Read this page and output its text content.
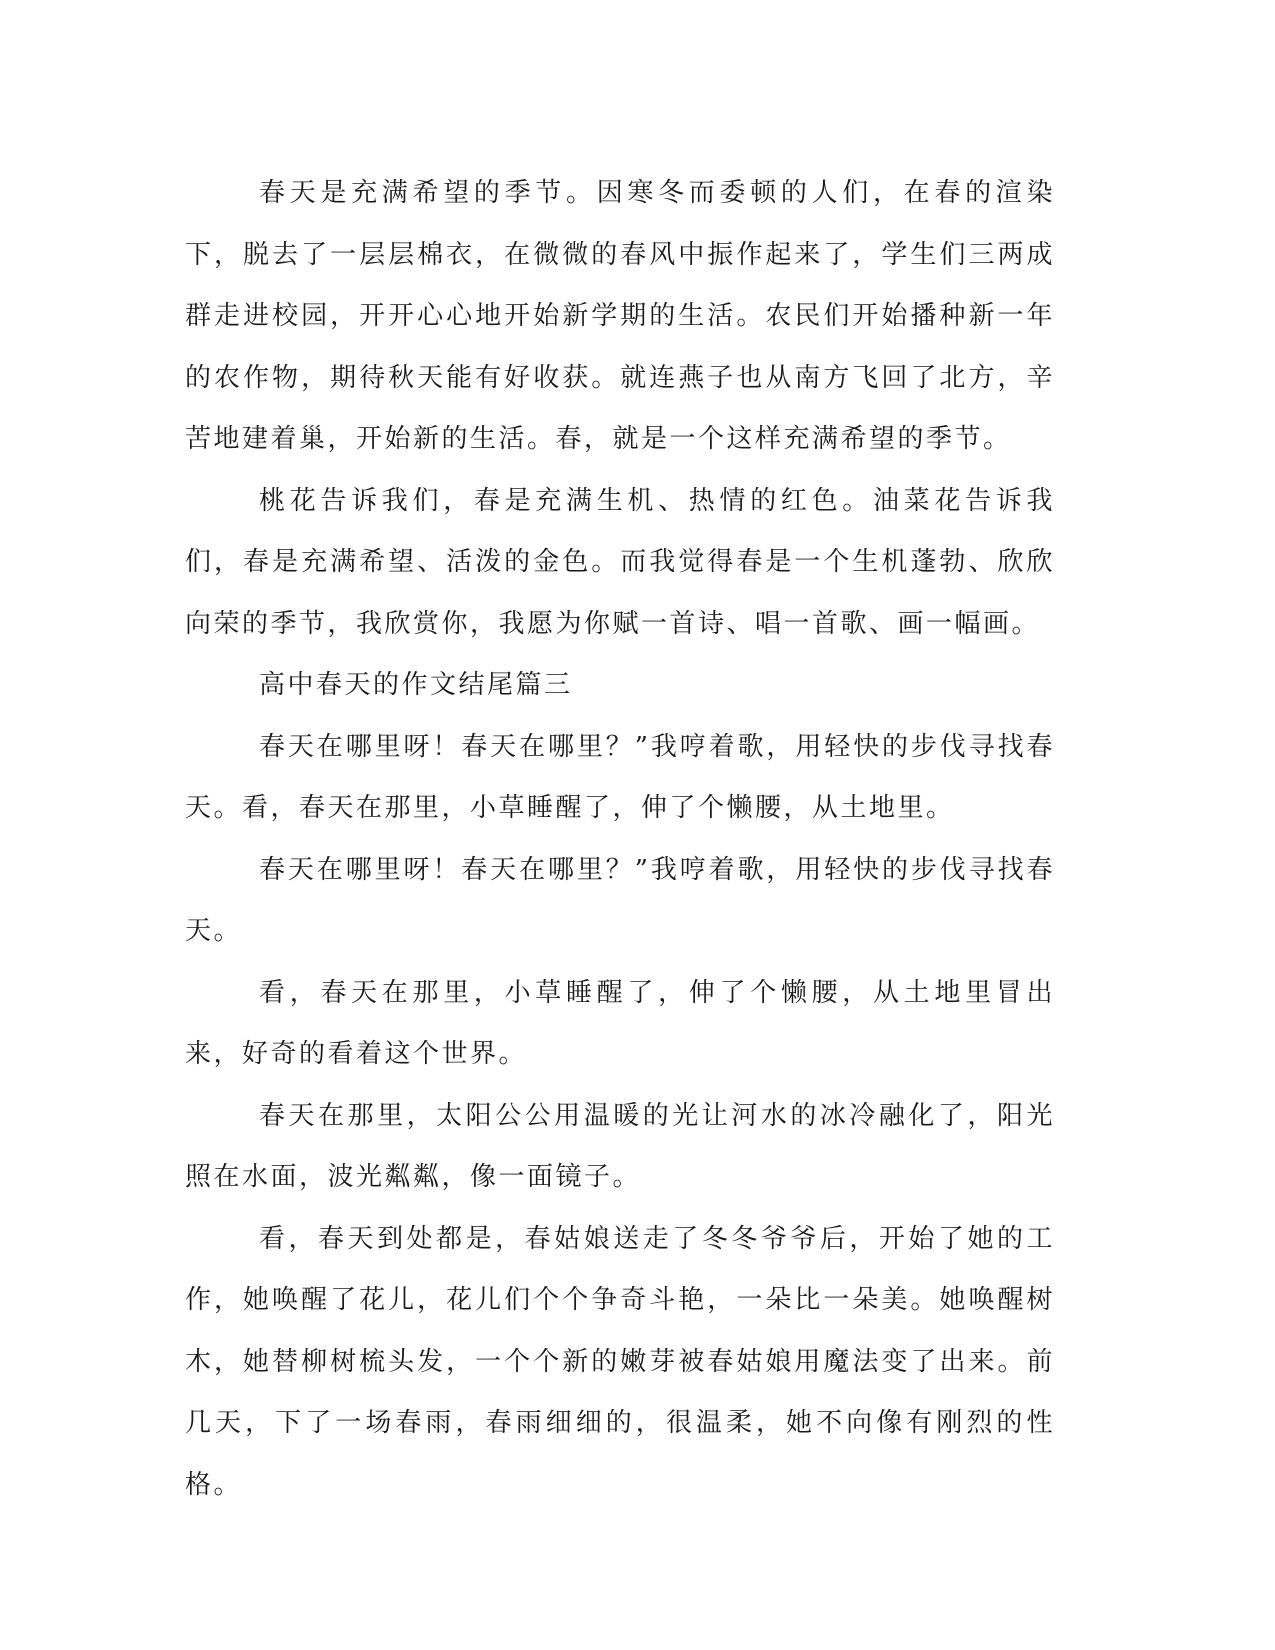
春天是充满希望的季节。因寒冬而委顿的人们，在春的渲染下，脱去了一层层棉衣，在微微的春风中振作起来了，学生们三两成群走进校园，开开心心地开始新学期的生活。农民们开始播种新一年的农作物，期待秋天能有好收获。就连燕子也从南方飞回了北方，辛苦地建着巢，开始新的生活。春，就是一个这样充满希望的季节。

桃花告诉我们，春是充满生机、热情的红色。油菜花告诉我们，春是充满希望、活泼的金色。而我觉得春是一个生机蓬勃、欣欣向荣的季节，我欣赏你，我愿为你赋一首诗、唱一首歌、画一幅画。

高中春天的作文结尾篇三

春天在哪里呀！春天在哪里？”我哼着歌，用轻快的步伐寻找春天。看，春天在那里，小草睡醒了，伸了个懒腰，从土地里。

春天在哪里呀！春天在哪里？”我哼着歌，用轻快的步伐寻找春天。

看，春天在那里，小草睡醒了，伸了个懒腰，从土地里冒出来，好奇的看着这个世界。

春天在那里，太阳公公用温暖的光让河水的冰冷融化了，阳光照在水面，波光粼粼，像一面镜子。

看，春天到处都是，春姑娘送走了冬冬爷爷后，开始了她的工作，她唤醒了花儿，花儿们个个争奇斗艳，一朵比一朵美。她唤醒树木，她替柳树梳头发，一个个新的嫩芽被春姑娘用魔法变了出来。前几天，下了一场春雨，春雨细细的，很温柔，她不向像有刚烈的性格。
